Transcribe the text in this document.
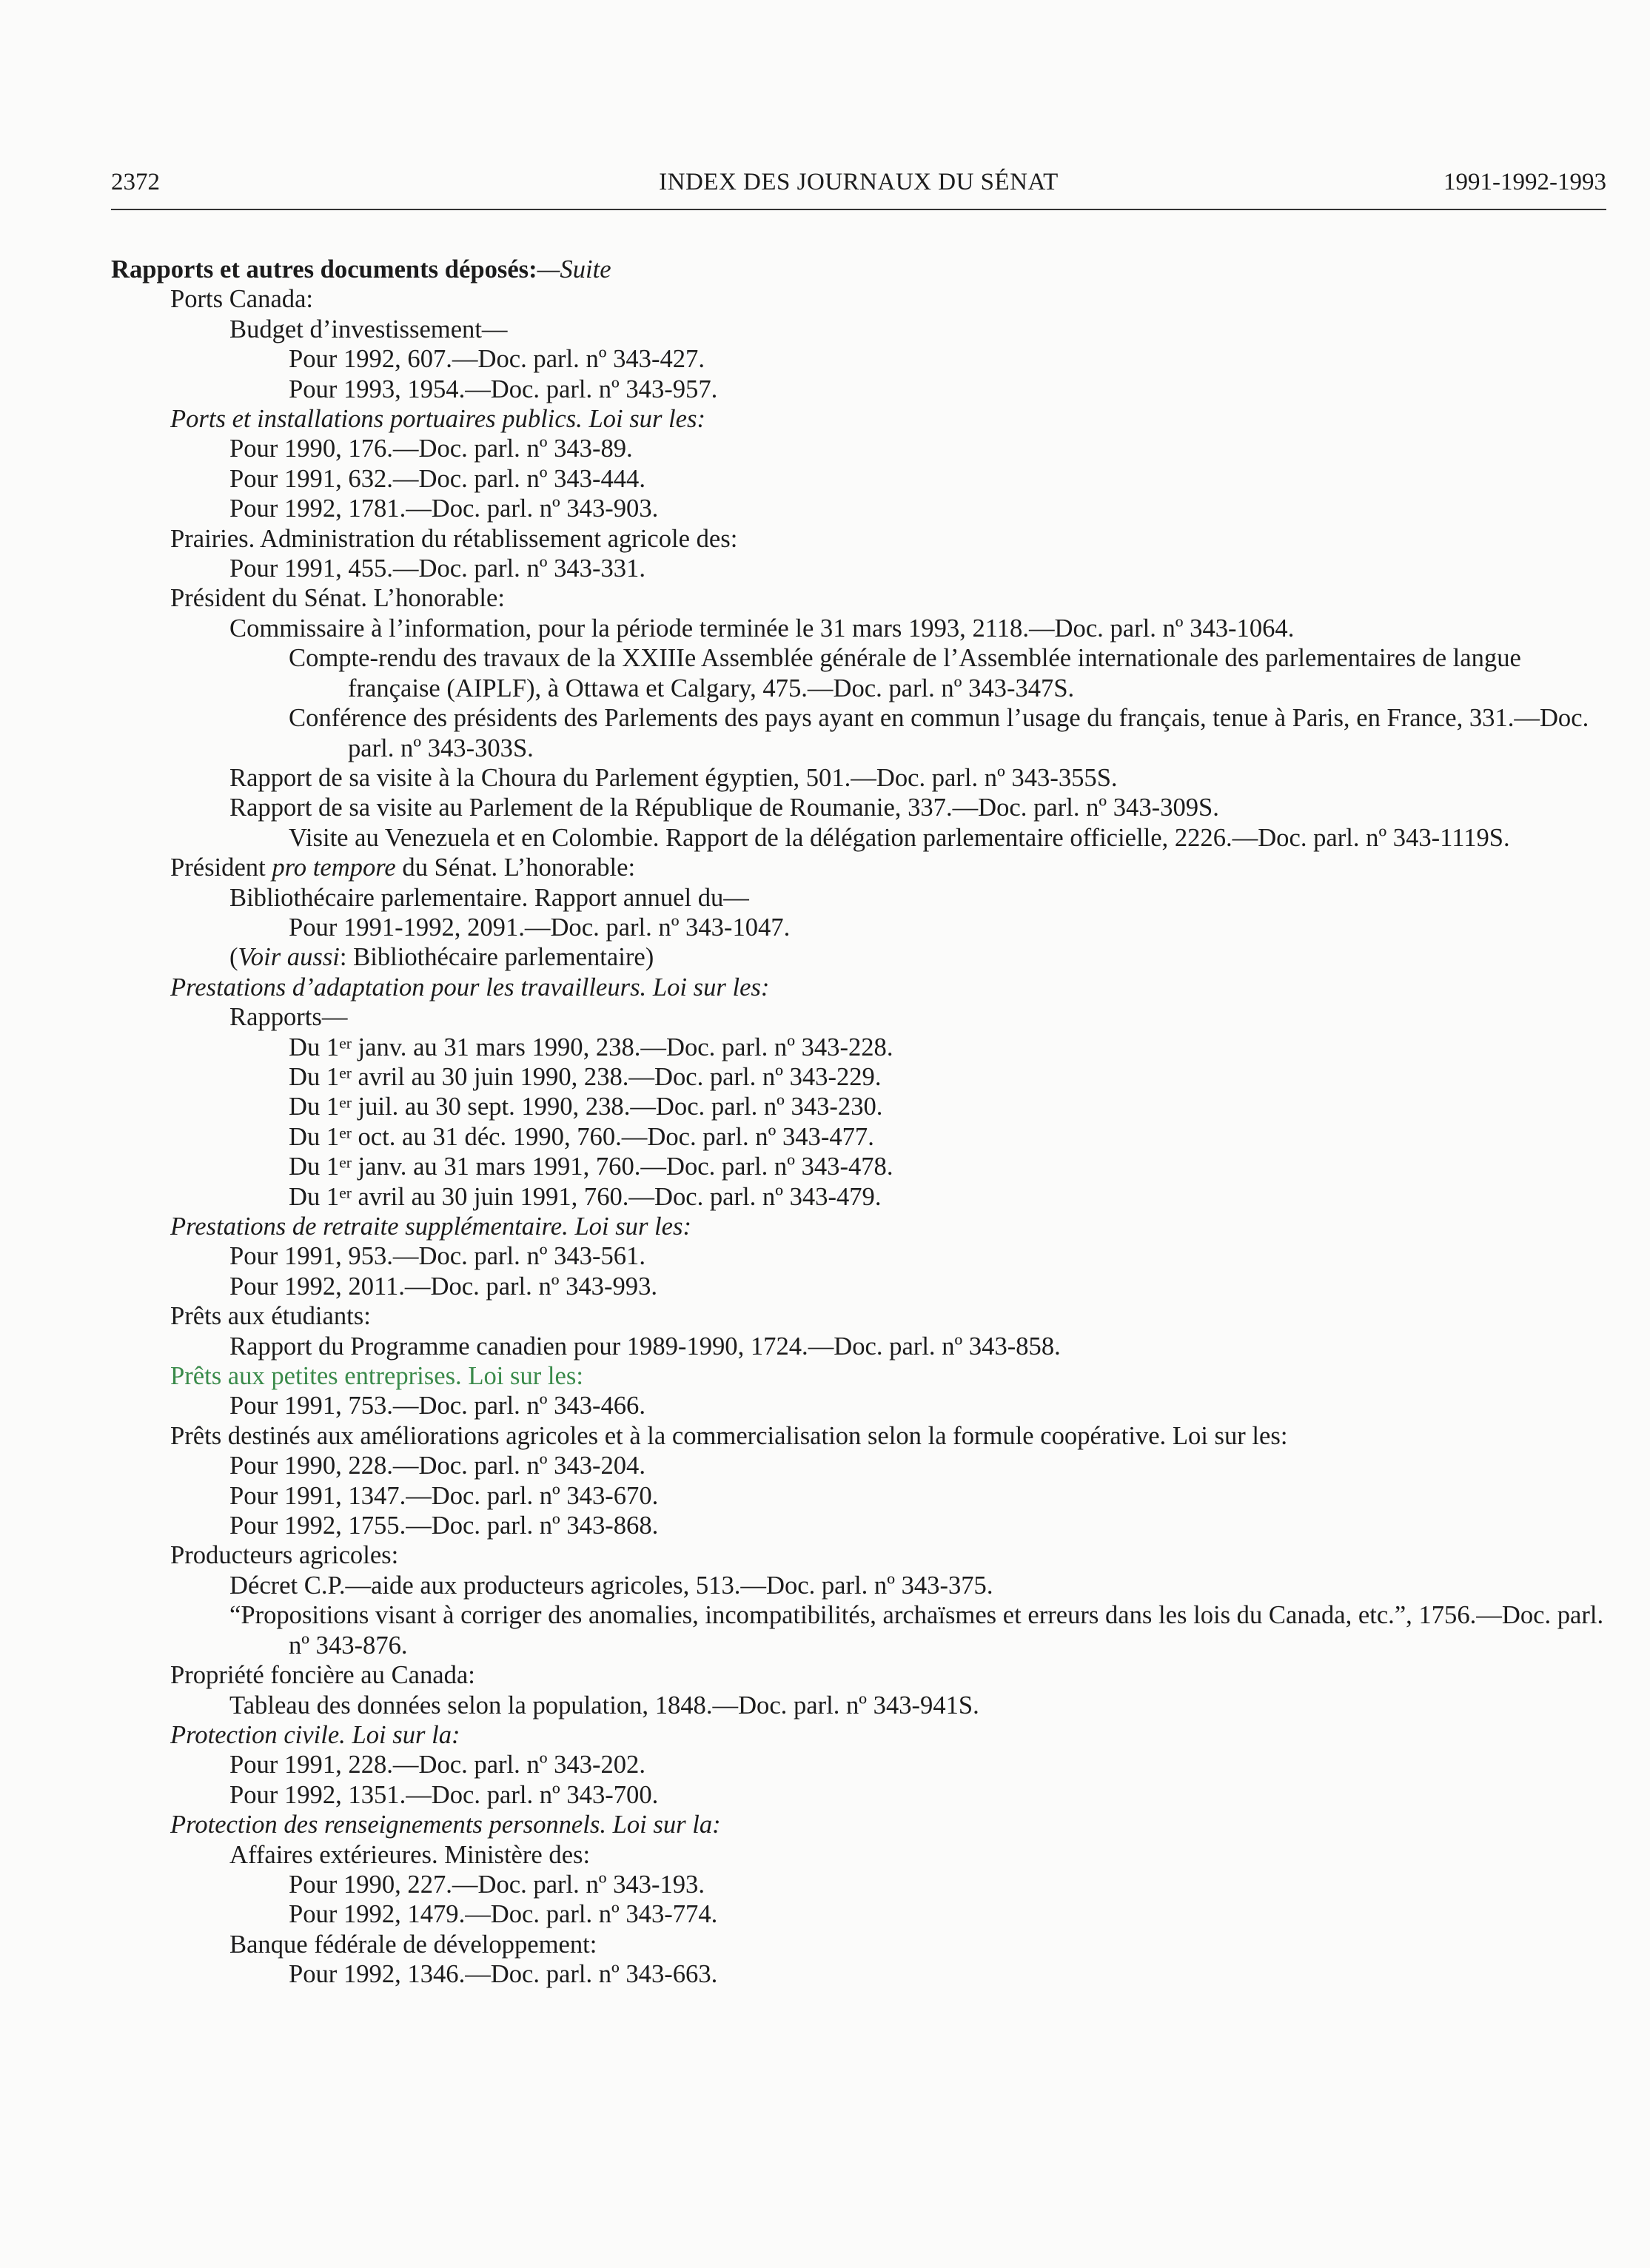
2372	INDEX DES JOURNAUX DU SÉNAT	1991-1992-1993
Rapports et autres documents déposés:—Suite
Ports Canada:
Budget d’investissement—
Pour 1992, 607.—Doc. parl. nº 343-427.
Pour 1993, 1954.—Doc. parl. nº 343-957.
Ports et installations portuaires publics. Loi sur les:
Pour 1990, 176.—Doc. parl. nº 343-89.
Pour 1991, 632.—Doc. parl. nº 343-444.
Pour 1992, 1781.—Doc. parl. nº 343-903.
Prairies. Administration du rétablissement agricole des:
Pour 1991, 455.—Doc. parl. nº 343-331.
Président du Sénat. L’honorable:
Commissaire à l’information, pour la période terminée le 31 mars 1993, 2118.—Doc. parl. nº 343-1064.
Compte-rendu des travaux de la XXIIIe Assemblée générale de l’Assemblée internationale des parlementaires de langue française (AIPLF), à Ottawa et Calgary, 475.—Doc. parl. nº 343-347S.
Conférence des présidents des Parlements des pays ayant en commun l’usage du français, tenue à Paris, en France, 331.—Doc. parl. nº 343-303S.
Rapport de sa visite à la Choura du Parlement égyptien, 501.—Doc. parl. nº 343-355S.
Rapport de sa visite au Parlement de la République de Roumanie, 337.—Doc. parl. nº 343-309S.
Visite au Venezuela et en Colombie. Rapport de la délégation parlementaire officielle, 2226.—Doc. parl. nº 343-1119S.
Président pro tempore du Sénat. L’honorable:
Bibliothécaire parlementaire. Rapport annuel du—
Pour 1991-1992, 2091.—Doc. parl. nº 343-1047.
(Voir aussi: Bibliothécaire parlementaire)
Prestations d’adaptation pour les travailleurs. Loi sur les:
Rapports—
Du 1er janv. au 31 mars 1990, 238.—Doc. parl. nº 343-228.
Du 1er avril au 30 juin 1990, 238.—Doc. parl. nº 343-229.
Du 1er juil. au 30 sept. 1990, 238.—Doc. parl. nº 343-230.
Du 1er oct. au 31 déc. 1990, 760.—Doc. parl. nº 343-477.
Du 1er janv. au 31 mars 1991, 760.—Doc. parl. nº 343-478.
Du 1er avril au 30 juin 1991, 760.—Doc. parl. nº 343-479.
Prestations de retraite supplémentaire. Loi sur les:
Pour 1991, 953.—Doc. parl. nº 343-561.
Pour 1992, 2011.—Doc. parl. nº 343-993.
Prêts aux étudiants:
Rapport du Programme canadien pour 1989-1990, 1724.—Doc. parl. nº 343-858.
Prêts aux petites entreprises. Loi sur les:
Pour 1991, 753.—Doc. parl. nº 343-466.
Prêts destinés aux améliorations agricoles et à la commercialisation selon la formule coopérative. Loi sur les:
Pour 1990, 228.—Doc. parl. nº 343-204.
Pour 1991, 1347.—Doc. parl. nº 343-670.
Pour 1992, 1755.—Doc. parl. nº 343-868.
Producteurs agricoles:
Décret C.P.—aide aux producteurs agricoles, 513.—Doc. parl. nº 343-375.
“Propositions visant à corriger des anomalies, incompatibilités, archaïsmes et erreurs dans les lois du Canada, etc.”, 1756.—Doc. parl. nº 343-876.
Propriété foncière au Canada:
Tableau des données selon la population, 1848.—Doc. parl. nº 343-941S.
Protection civile. Loi sur la:
Pour 1991, 228.—Doc. parl. nº 343-202.
Pour 1992, 1351.—Doc. parl. nº 343-700.
Protection des renseignements personnels. Loi sur la:
Affaires extérieures. Ministère des:
Pour 1990, 227.—Doc. parl. nº 343-193.
Pour 1992, 1479.—Doc. parl. nº 343-774.
Banque fédérale de développement:
Pour 1992, 1346.—Doc. parl. nº 343-663.
